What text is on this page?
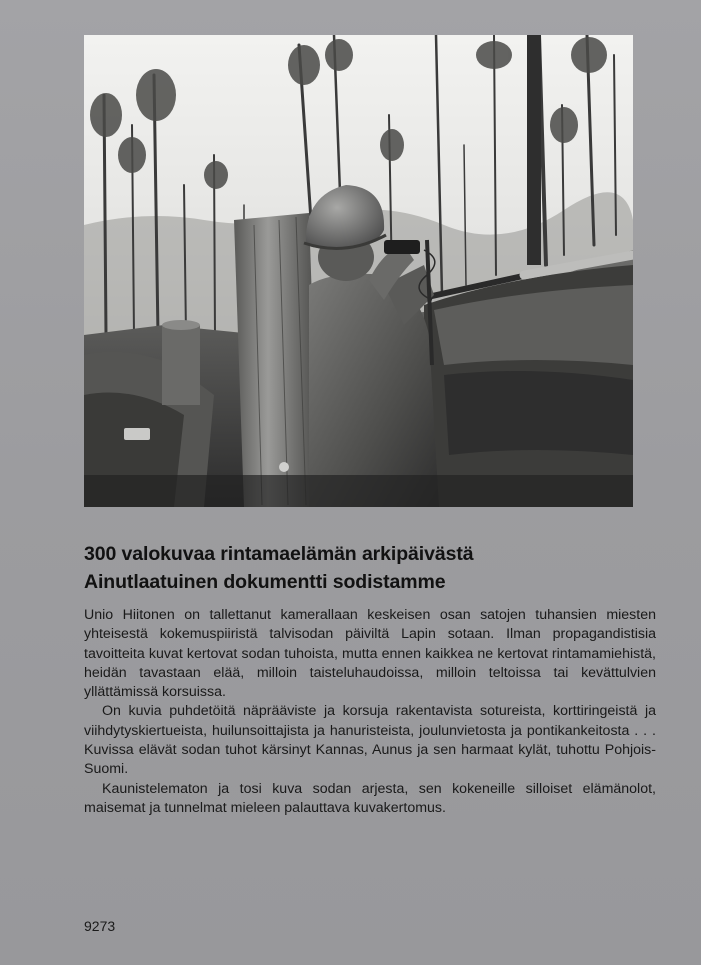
300 valokuvaa rintamaelämän arkipäivästä
Ainutlaatuinen dokumentti sodistamme

Unio Hiitonen on tallettanut kamerallaan keskeisen osan satojen tuhansien miesten yhteisestä kokemuspiiristä talvisodan päiviltä Lapin sotaan. Ilman propagandistisia tavoitteita kuvat kertovat sodan tuhoista, mutta ennen kaikkea ne kertovat rintamamiehistä, heidän tavastaan elää, milloin taisteluhaudoissa, milloin teltoissa tai kevättulvien yllättämissä korsuissa.

On kuvia puhdetöitä näprääviste ja korsuja rakentavista sotureista, korttiringeistä ja viihdytyskiertueista, huilunsoittajista ja hanuristeista, joulunvietosta ja pontikankeitosta . . . Kuvissa elävät sodan tuhot kärsinyt Kannas, Aunus ja sen harmaat kylät, tuhottu Pohjois-Suomi.

Kaunistelematon ja tosi kuva sodan arjesta, sen kokeneille silloiset elämänolot, maisemat ja tunnelmat mieleen palauttava kuvakertomus.

9273
